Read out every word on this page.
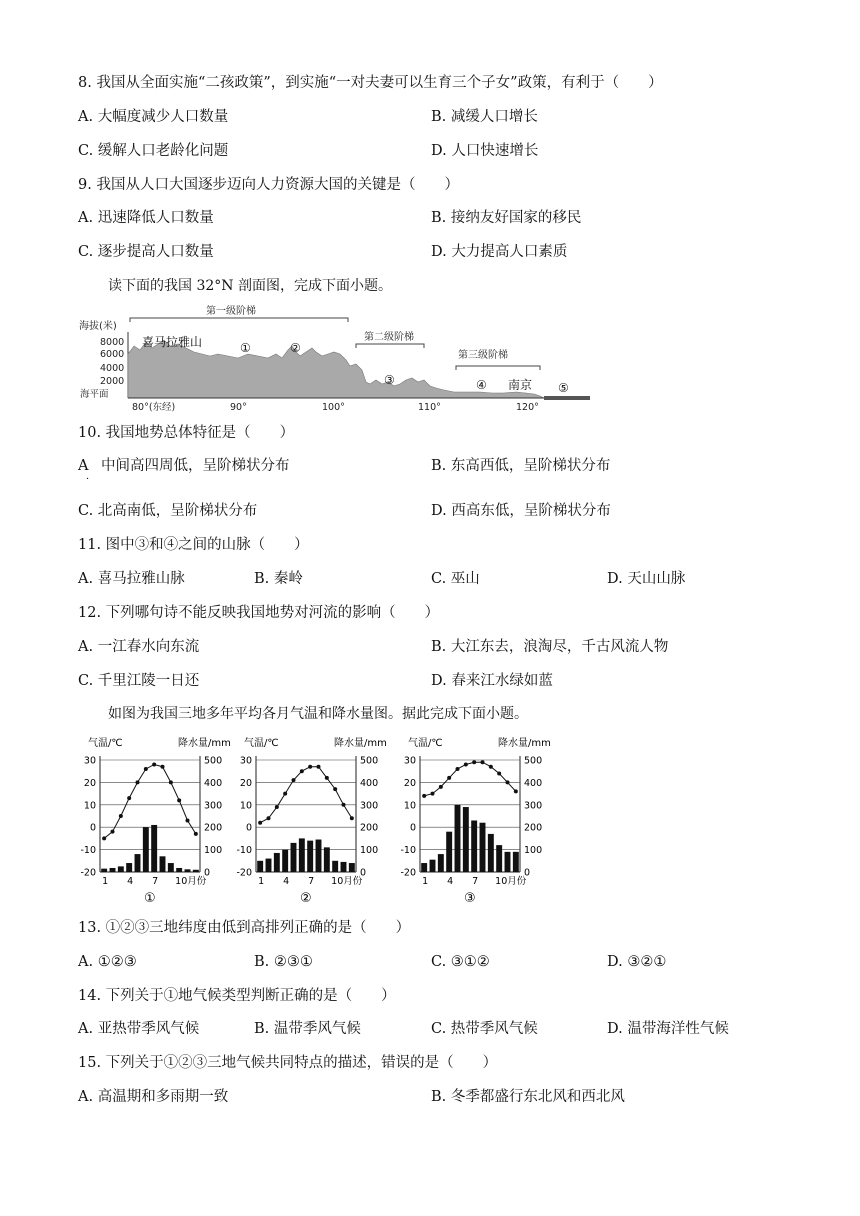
8. 我国从全面实施“二孩政策”，到实施“一对夫妻可以生育三个子女”政策，有利于（　　）
A. 大幅度减少人口数量	B. 减缓人口增长
C. 缓解人口老龄化问题	D. 人口快速增长
9. 我国从人口大国逐步迈向人力资源大国的关键是（　　）
A. 迅速降低人口数量	B. 接纳友好国家的移民
C. 逐步提高人口数量	D. 大力提高人口素质
读下面的我国 32°N 剖面图，完成下面小题。
第一级阶梯
第二级阶梯
第三级阶梯
海拔(米)
8000
6000
4000
2000
海平面
80°(东经)	90°	100°	110°	120°
喜马拉雅山	①	②
③	④ 南京 ⑤
10. 我国地势总体特征是（　　）
A
．
中间高四周低，呈阶梯状分布	B. 东高西低，呈阶梯状分布
C. 北高南低，呈阶梯状分布	D. 西高东低，呈阶梯状分布
11. 图中③和④之间的山脉（　　）
A. 喜马拉雅山脉	B. 秦岭	C. 巫山	D. 天山山脉
12. 下列哪句诗不能反映我国地势对河流的影响（　　）
A. 一江春水向东流	B. 大江东去，浪淘尽，千古风流人物
C. 千里江陵一日还	D. 春来江水绿如蓝
如图为我国三地多年平均各月气温和降水量图。据此完成下面小题。
气温/℃	降水量/mm
30	500
20	400
10	300
0	200
-10	100
-20	0
1 4 7 10月份
①
气温/℃	降水量/mm
30	500
20	400
10	300
0	200
-10	100
-20	0
1 4 7 10月份
②
气温/℃	降水量/mm
30	500
20	400
10	300
0	200
-10	100
-20	0
1 4 7 10月份
③
13. ①②③三地纬度由低到高排列正确的是（　　）
A. ①②③	B. ②③①	C. ③①②	D. ③②①
14. 下列关于①地气候类型判断正确的是（　　）
A. 亚热带季风气候	B. 温带季风气候	C. 热带季风气候	D. 温带海洋性气候
15. 下列关于①②③三地气候共同特点的描述，错误的是（　　）
A. 高温期和多雨期一致	B. 冬季都盛行东北风和西北风
